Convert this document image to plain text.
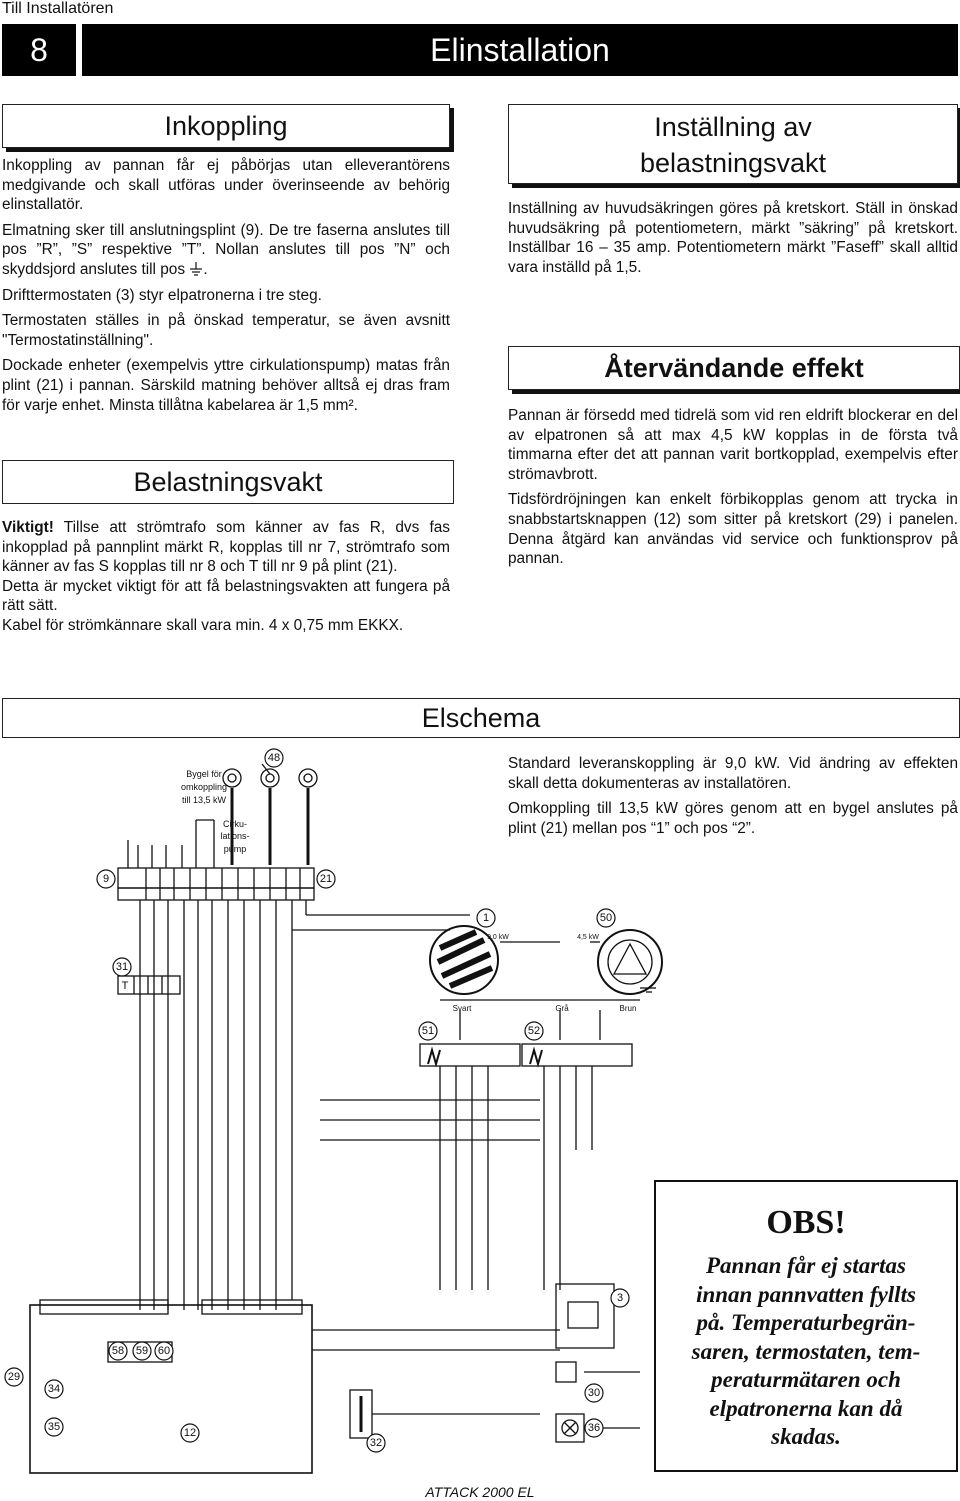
Till Installatören
8	Elinstallation
Inkoppling

Inkoppling av pannan får ej påbörjas utan elleverantörens medgivande och skall utföras under överinseende av behörig elinstallatör.

Elmatning sker till anslutningsplint (9). De tre faserna anslutes till pos ”R”, ”S” respektive ”T”. Nollan anslutes till pos ”N” och skyddsjord anslutes till pos .

Drifttermostaten (3) styr elpatronerna i tre steg.

Termostaten ställes in på önskad temperatur, se även avsnitt "Termostatinställning".

Dockade enheter (exempelvis yttre cirkulationspump) matas från plint (21) i pannan. Särskild matning behöver alltså ej dras fram för varje enhet. Minsta tillåtna kabelarea är 1,5 mm².

Belastningsvakt

Viktigt! Tillse att strömtrafo som känner av fas R, dvs fas inkopplad på pannplint märkt R, kopplas till nr 7, strömtrafo som känner av fas S kopplas till nr 8 och T till nr 9 på plint (21).

Detta är mycket viktigt för att få belastningsvakten att fungera på rätt sätt.

Kabel för strömkännare skall vara min. 4 x 0,75 mm EKKX.

Inställning av
belastningsvakt

Inställning av huvudsäkringen göres på kretskort. Ställ in önskad huvudsäkring på potentiometern, märkt ”säkring” på kretskort. Inställbar 16 – 35 amp. Potentiometern märkt ”Faseff” skall alltid vara inställd på 1,5.

Återvändande effekt

Pannan är försedd med tidrelä som vid ren eldrift blockerar en del av elpatronen så att max 4,5 kW kopplas in de första två timmarna efter det att pannan varit bortkopplad, exempelvis efter strömavbrott.

Tidsfördröjningen kan enkelt förbikopplas genom att trycka in snabbstartsknappen (12) som sitter på kretskort (29) i panelen. Denna åtgärd kan användas vid service och funktionsprov på pannan.

Elschema

Standard leveranskoppling är 9,0 kW. Vid ändring av effekten skall detta dokumenteras av installatören.

Omkoppling till 13,5 kW göres genom att en bygel anslutes på plint (21) mellan pos “1” och pos “2”.

48
9	21
1	50
31
51	52
58 59 60
29
34
35	12
32
3
30
36
Bygel för
omkoppling
till 13,5 kW
Cirku-
lations-
pump
9,0 kW	4,5 kW
Svart	Grå	Brun
T
OBS!
Pannan får ej startas
innan pannvatten fyllts
på. Temperaturbegrän-
saren, termostaten, tem-
peraturmätaren och
elpatronerna kan då
skadas.
ATTACK 2000 EL
